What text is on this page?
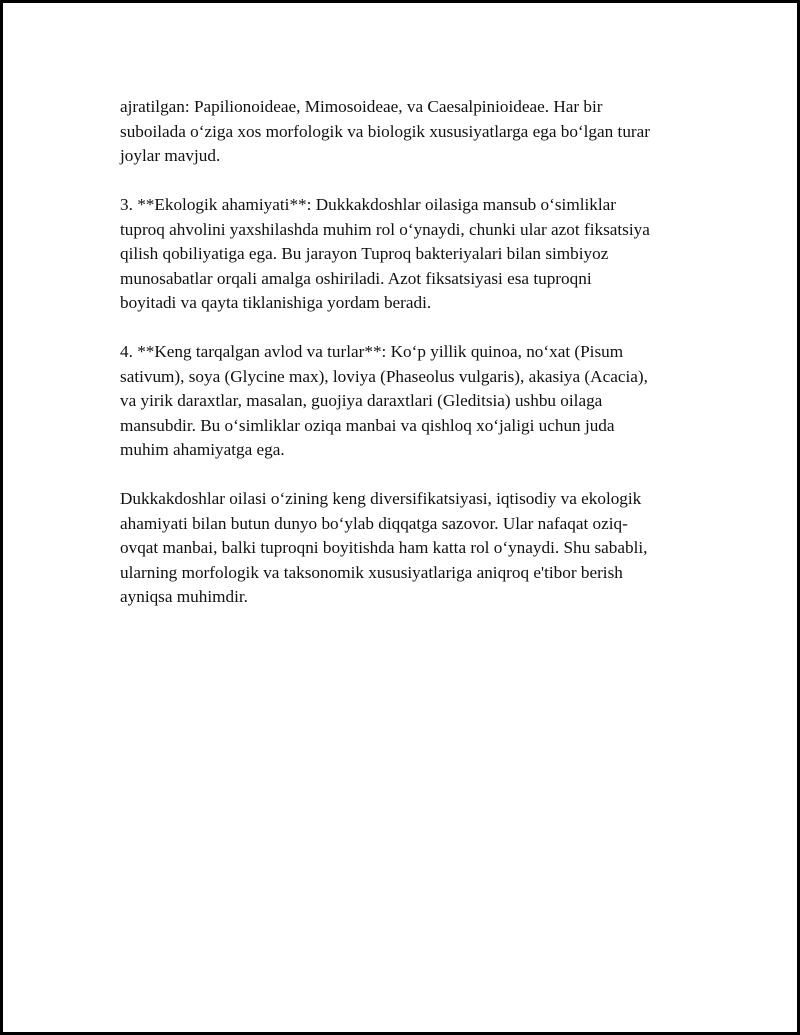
ajratilgan: Papilionoideae, Mimosoideae, va Caesalpinioideae. Har bir
suboilada o‘ziga xos morfologik va biologik xususiyatlarga ega bo‘lgan turar
joylar mavjud.

3. **Ekologik ahamiyati**: Dukkakdoshlar oilasiga mansub o‘simliklar
tuproq ahvolini yaxshilashda muhim rol o‘ynaydi, chunki ular azot fiksatsiya
qilish qobiliyatiga ega. Bu jarayon Tuproq bakteriyalari bilan simbiyoz
munosabatlar orqali amalga oshiriladi. Azot fiksatsiyasi esa tuproqni
boyitadi va qayta tiklanishiga yordam beradi.

4. **Keng tarqalgan avlod va turlar**: Ko‘p yillik quinoa, no‘xat (Pisum
sativum), soya (Glycine max), loviya (Phaseolus vulgaris), akasiya (Acacia),
va yirik daraxtlar, masalan, guojiya daraxtlari (Gleditsia) ushbu oilaga
mansubdir. Bu o‘simliklar oziqa manbai va qishloq xo‘jaligi uchun juda
muhim ahamiyatga ega.

Dukkakdoshlar oilasi o‘zining keng diversifikatsiyasi, iqtisodiy va ekologik
ahamiyati bilan butun dunyo bo‘ylab diqqatga sazovor. Ular nafaqat oziq-
ovqat manbai, balki tuproqni boyitishda ham katta rol o‘ynaydi. Shu sababli,
ularning morfologik va taksonomik xususiyatlariga aniqroq e'tibor berish
ayniqsa muhimdir.
